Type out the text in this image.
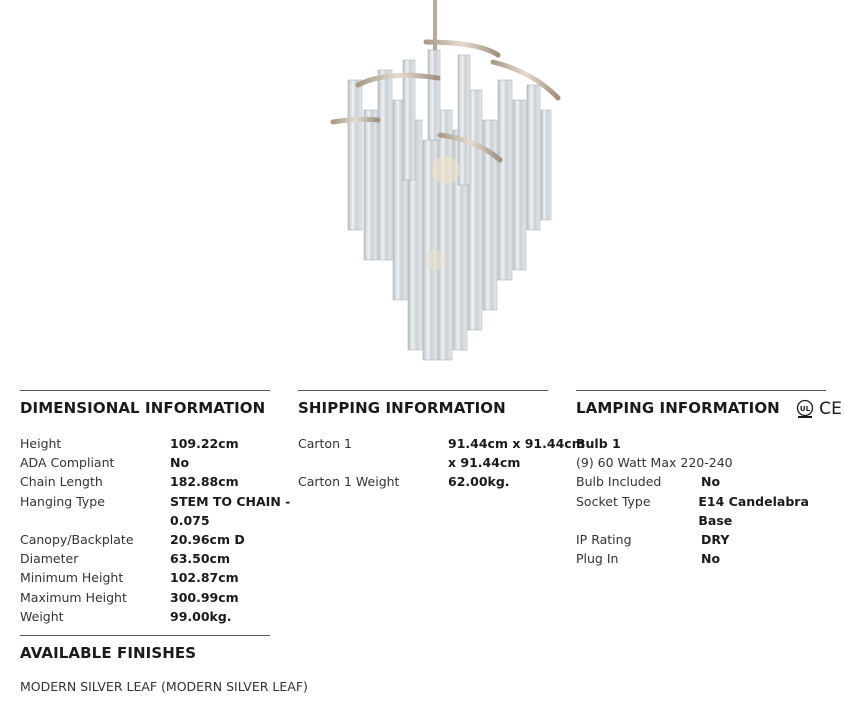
DIMENSIONAL INFORMATION
Height	109.22cm
ADA Compliant	No
Chain Length	182.88cm
Hanging Type	STEM TO CHAIN -
0.075
Canopy/Backplate	20.96cm D
Diameter	63.50cm
Minimum Height	102.87cm
Maximum Height	300.99cm
Weight	99.00kg.
SHIPPING INFORMATION
Carton 1	91.44cm x 91.44cm
x 91.44cm
Carton 1 Weight	62.00kg.
LAMPING INFORMATION	UL CE
Bulb 1
(9) 60 Watt Max 220-240
Bulb Included	No
Socket Type	E14 Candelabra Base
IP Rating	DRY
Plug In	No
AVAILABLE FINISHES
MODERN SILVER LEAF (MODERN SILVER LEAF)
